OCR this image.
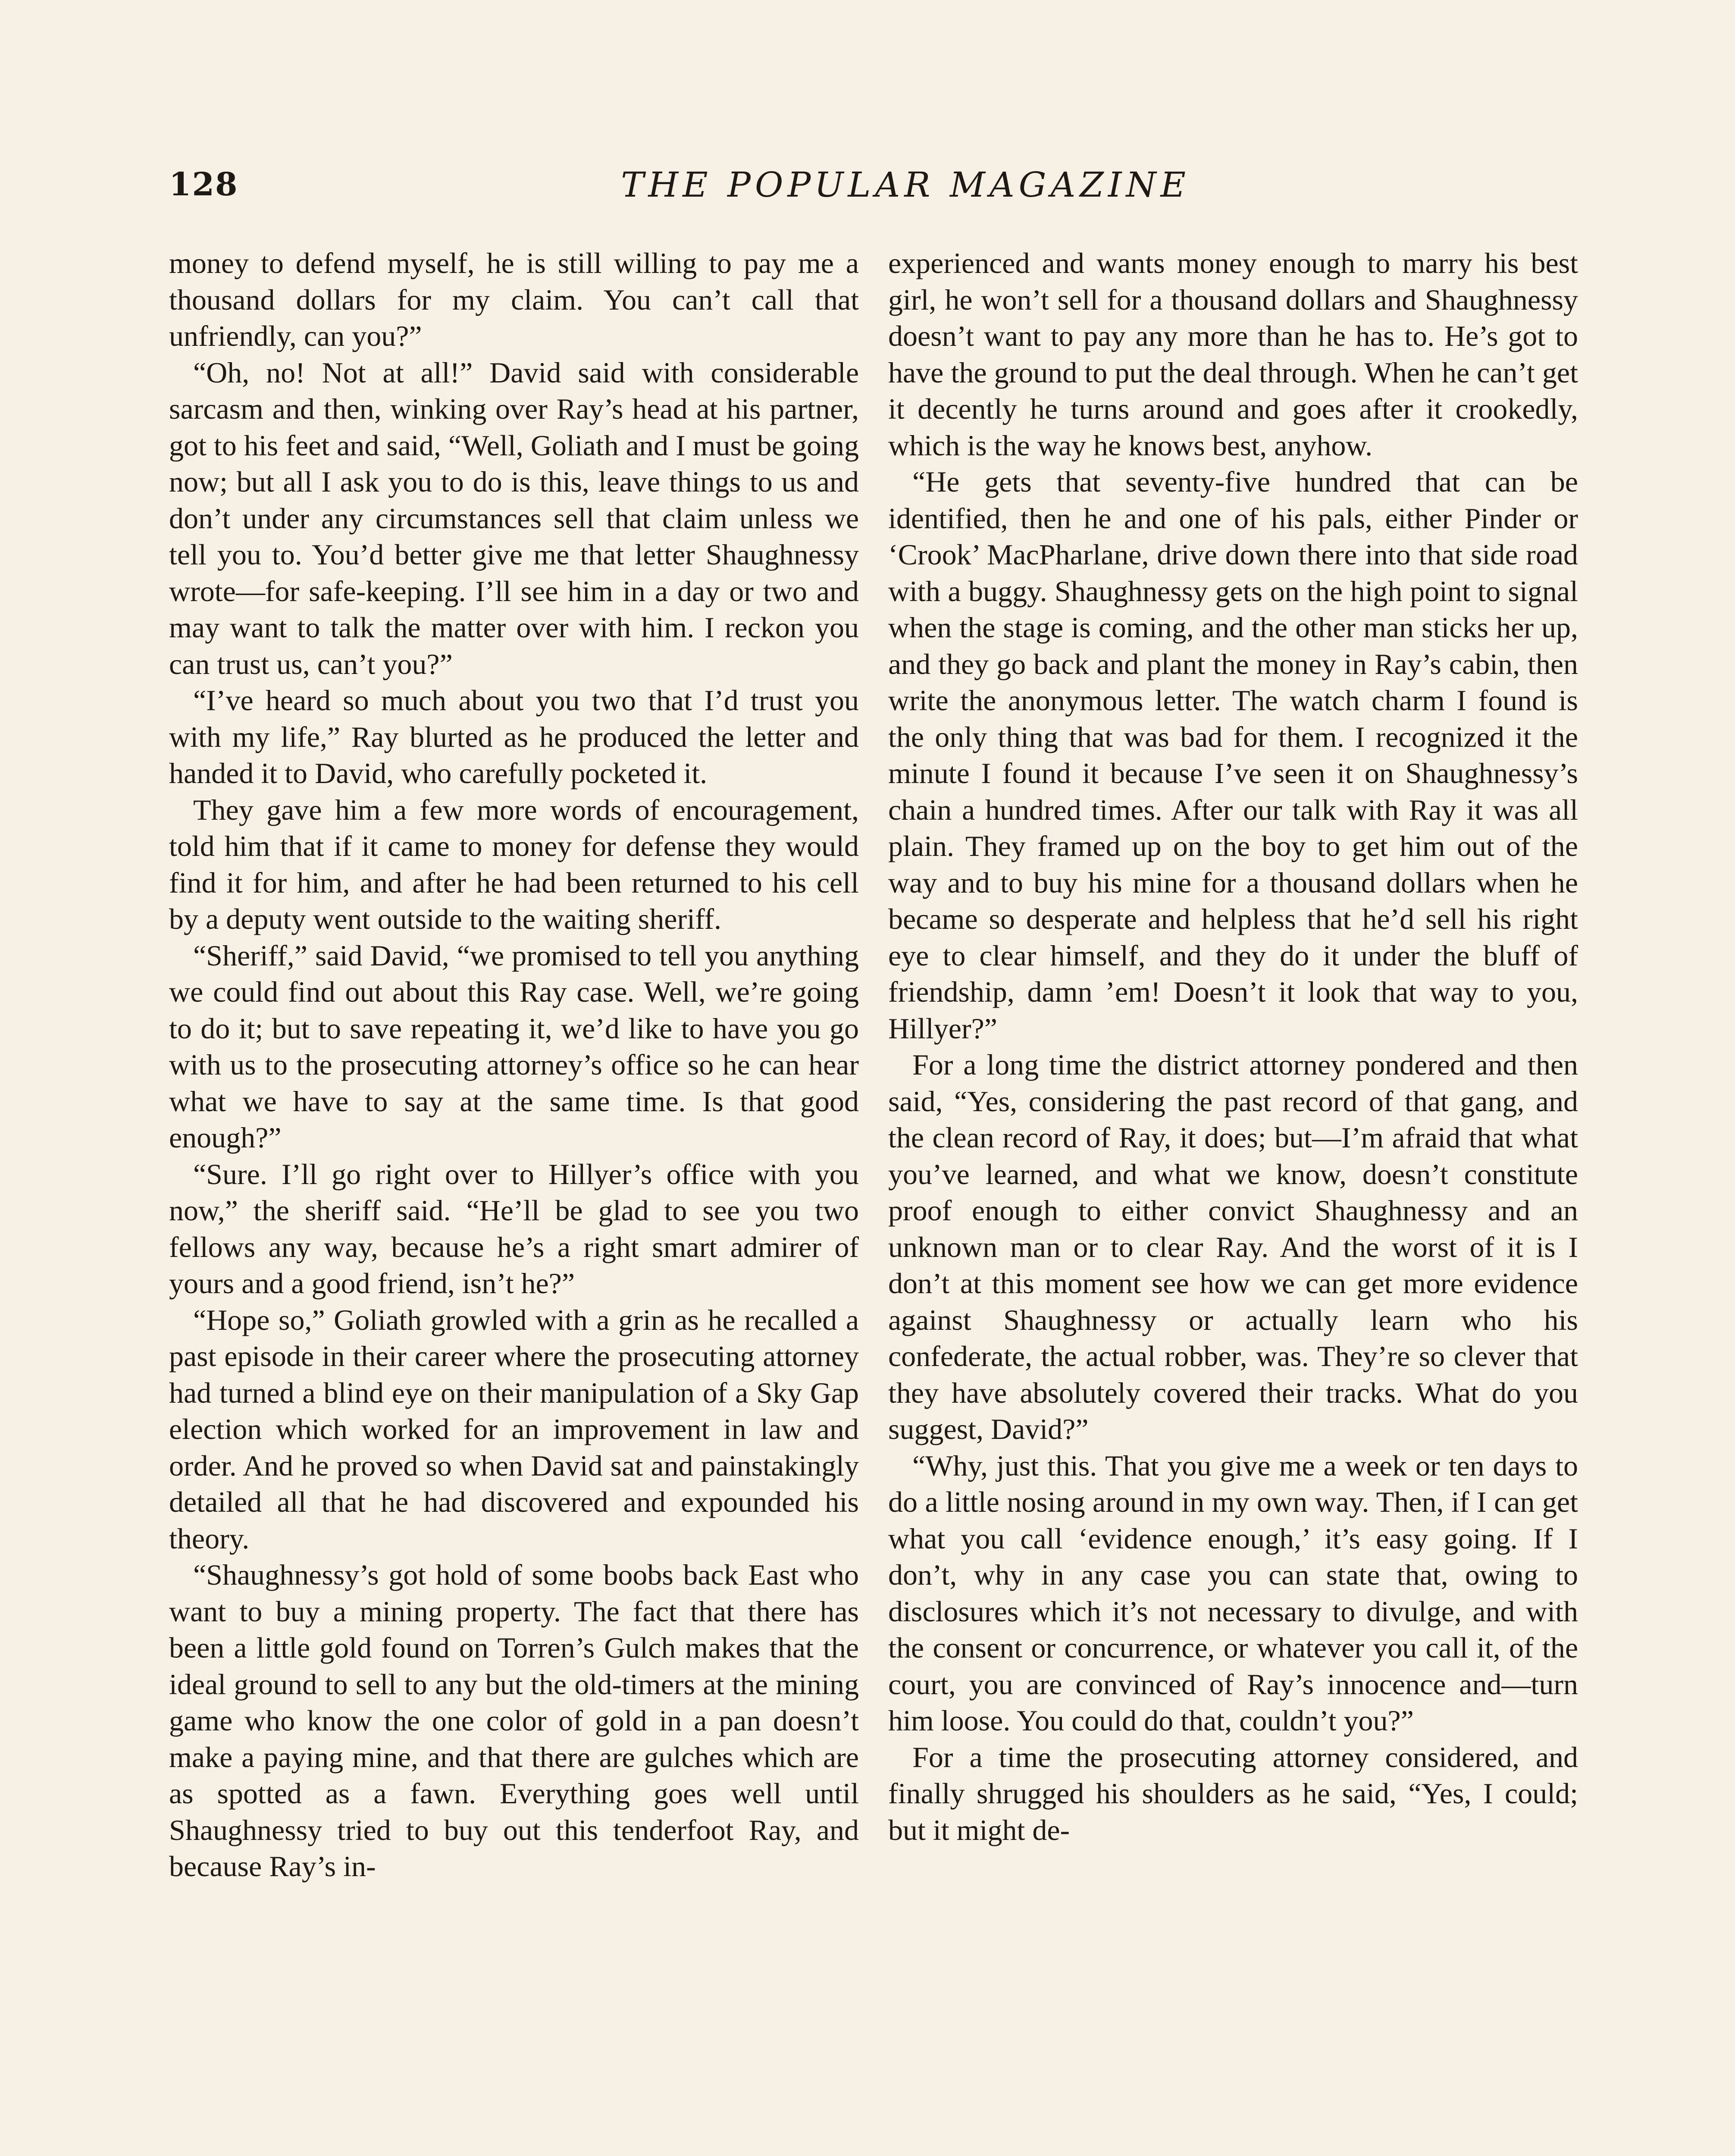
128	THE POPULAR MAGAZINE

money to defend myself, he is still willing to pay me a thousand dollars for my claim. You can’t call that unfriendly, can you?”

“Oh, no! Not at all!” David said with considerable sarcasm and then, winking over Ray’s head at his partner, got to his feet and said, “Well, Goliath and I must be going now; but all I ask you to do is this, leave things to us and don’t under any circumstances sell that claim unless we tell you to. You’d better give me that letter Shaughnessy wrote—for safe-keeping. I’ll see him in a day or two and may want to talk the matter over with him. I reckon you can trust us, can’t you?”

“I’ve heard so much about you two that I’d trust you with my life,” Ray blurted as he produced the letter and handed it to David, who carefully pocketed it.

They gave him a few more words of encouragement, told him that if it came to money for defense they would find it for him, and after he had been returned to his cell by a deputy went outside to the waiting sheriff.

“Sheriff,” said David, “we promised to tell you anything we could find out about this Ray case. Well, we’re going to do it; but to save repeating it, we’d like to have you go with us to the prosecuting attorney’s office so he can hear what we have to say at the same time. Is that good enough?”

“Sure. I’ll go right over to Hillyer’s office with you now,” the sheriff said. “He’ll be glad to see you two fellows any way, because he’s a right smart admirer of yours and a good friend, isn’t he?”

“Hope so,” Goliath growled with a grin as he recalled a past episode in their career where the prosecuting attorney had turned a blind eye on their manipulation of a Sky Gap election which worked for an improvement in law and order. And he proved so when David sat and painstakingly detailed all that he had discovered and expounded his theory.

“Shaughnessy’s got hold of some boobs back East who want to buy a mining property. The fact that there has been a little gold found on Torren’s Gulch makes that the ideal ground to sell to any but the old-timers at the mining game who know the one color of gold in a pan doesn’t make a paying mine, and that there are gulches which are as spotted as a fawn. Everything goes well until Shaughnessy tried to buy out this tenderfoot Ray, and because Ray’s in-

experienced and wants money enough to marry his best girl, he won’t sell for a thousand dollars and Shaughnessy doesn’t want to pay any more than he has to. He’s got to have the ground to put the deal through. When he can’t get it decently he turns around and goes after it crookedly, which is the way he knows best, anyhow.

“He gets that seventy-five hundred that can be identified, then he and one of his pals, either Pinder or ‘Crook’ MacPharlane, drive down there into that side road with a buggy. Shaughnessy gets on the high point to signal when the stage is coming, and the other man sticks her up, and they go back and plant the money in Ray’s cabin, then write the anonymous letter. The watch charm I found is the only thing that was bad for them. I recognized it the minute I found it because I’ve seen it on Shaughnessy’s chain a hundred times. After our talk with Ray it was all plain. They framed up on the boy to get him out of the way and to buy his mine for a thousand dollars when he became so desperate and helpless that he’d sell his right eye to clear himself, and they do it under the bluff of friendship, damn ’em! Doesn’t it look that way to you, Hillyer?”

For a long time the district attorney pondered and then said, “Yes, considering the past record of that gang, and the clean record of Ray, it does; but—I’m afraid that what you’ve learned, and what we know, doesn’t constitute proof enough to either convict Shaughnessy and an unknown man or to clear Ray. And the worst of it is I don’t at this moment see how we can get more evidence against Shaughnessy or actually learn who his confederate, the actual robber, was. They’re so clever that they have absolutely covered their tracks. What do you suggest, David?”

“Why, just this. That you give me a week or ten days to do a little nosing around in my own way. Then, if I can get what you call ‘evidence enough,’ it’s easy going. If I don’t, why in any case you can state that, owing to disclosures which it’s not necessary to divulge, and with the consent or concurrence, or whatever you call it, of the court, you are convinced of Ray’s innocence and—turn him loose. You could do that, couldn’t you?”

For a time the prosecuting attorney considered, and finally shrugged his shoulders as he said, “Yes, I could; but it might de-
